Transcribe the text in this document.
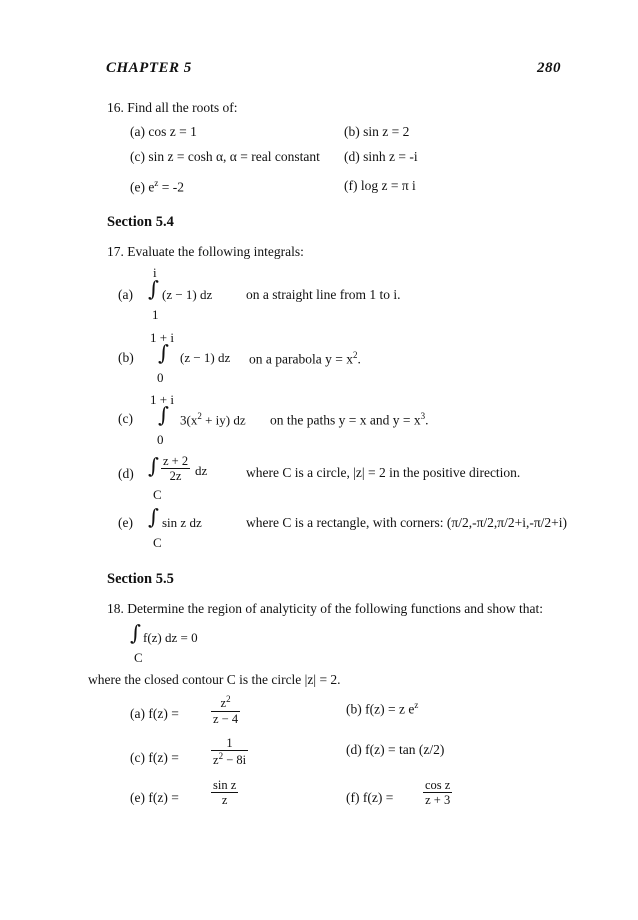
CHAPTER 5	280
16. Find all the roots of:
(a) cos z = 1	(b) sin z = 2
(c) sin z = cosh α, α = real constant (d) sinh z = -i
(e) $e^z = -2$	(f) log z = π i
Section 5.4
17. Evaluate the following integrals:
i
(a) ∫ (z − 1) dz on a straight line from 1 to i.
1
1 + i
(b) ∫ (z − 1) dz on a parabola $y = x^2$.
0
1 + i
(c) ∫ $3(x^2 + iy)$ dz on the paths y = x and $y = x^3$.
0
(d) ∫ $\frac{z + 2}{2z}$ dz	where C is a circle, |z| = 2 in the positive direction.
C
(e) ∫ sin z dz	where C is a rectangle, with corners: (π/2,-π/2,π/2+i,-π/2+i)
C
Section 5.5
18. Determine the region of analyticity of the following functions and show that:
∫ f(z) dz = 0
C
where the closed contour C is the circle |z| = 2.
(a) f(z) =	$\frac{z^2}{z - 4}$	(b) f(z) = z $e^z$
(c) f(z) =	$\frac{1}{z^2 - 8i}$	(d) f(z) = tan (z/2)
(e) f(z) =	$\frac{\text{sin z}}{z}$	(f) $f(z) = \frac{\text{cos z}}{z + 3}$
